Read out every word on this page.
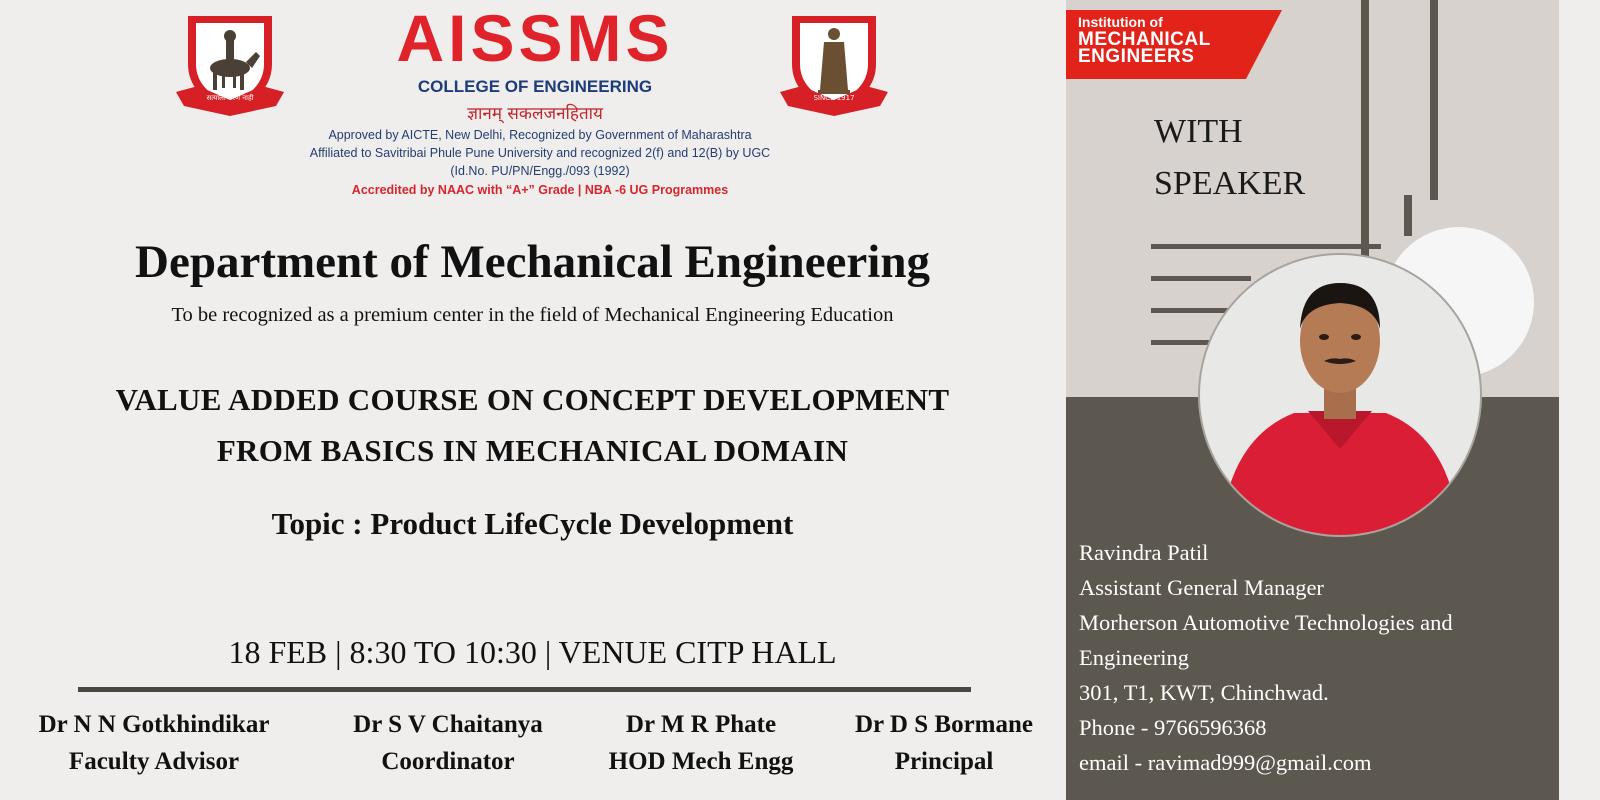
सत्याला मरण नाही	SINCE 1917
AISSMS
COLLEGE OF ENGINEERING
ज्ञानम् सकलजनहिताय
Approved by AICTE, New Delhi, Recognized by Government of Maharashtra
Affiliated to Savitribai Phule Pune University and recognized 2(f) and 12(B) by UGC
(Id.No. PU/PN/Engg./093 (1992)
Accredited by NAAC with “A+” Grade | NBA -6 UG Programmes
Department of Mechanical Engineering
To be recognized as a premium center in the field of Mechanical Engineering Education
VALUE ADDED COURSE ON CONCEPT DEVELOPMENT
FROM BASICS IN MECHANICAL DOMAIN
Topic : Product LifeCycle Development
18 FEB | 8:30 TO 10:30 | VENUE CITP HALL
Dr N N Gotkhindikar
Faculty Advisor
Dr S V Chaitanya
Coordinator
Dr M R Phate
HOD Mech Engg
Dr D S Bormane
Principal
Institution of
MECHANICAL
ENGINEERS
WITH
SPEAKER
Ravindra Patil
Assistant General Manager
Morherson Automotive Technologies and
Engineering
301, T1, KWT, Chinchwad.
Phone - 9766596368
email - ravimad999@gmail.com
